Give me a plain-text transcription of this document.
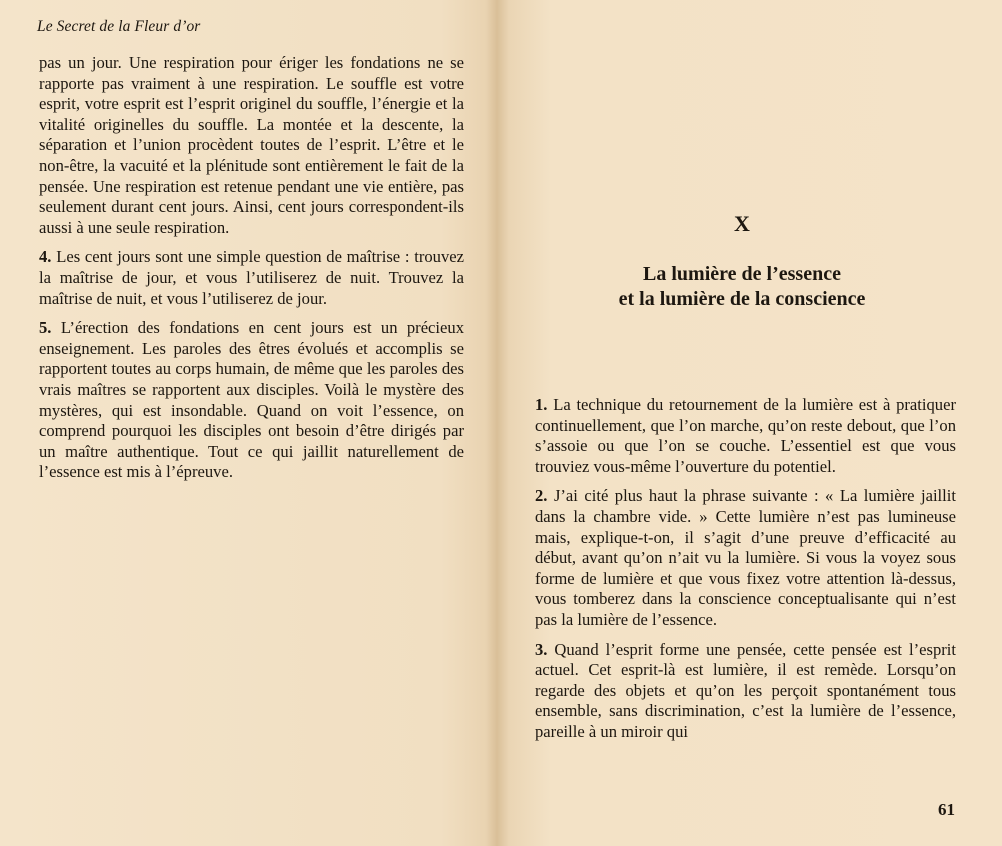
Le Secret de la Fleur d’or

pas un jour. Une respiration pour ériger les fondations ne se rapporte pas vraiment à une respiration. Le souffle est votre esprit, votre esprit est l’esprit originel du souffle, l’énergie et la vitalité originelles du souffle. La montée et la descente, la séparation et l’union procèdent toutes de l’esprit. L’être et le non-être, la vacuité et la plénitude sont entièrement le fait de la pensée. Une respiration est retenue pendant une vie entière, pas seulement durant cent jours. Ainsi, cent jours correspondent-ils aussi à une seule respiration.

4. Les cent jours sont une simple question de maîtrise : trouvez la maîtrise de jour, et vous l’utiliserez de nuit. Trouvez la maîtrise de nuit, et vous l’utiliserez de jour.

5. L’érection des fondations en cent jours est un précieux enseignement. Les paroles des êtres évolués et accomplis se rapportent toutes au corps humain, de même que les paroles des vrais maîtres se rapportent aux disciples. Voilà le mystère des mystères, qui est insondable. Quand on voit l’essence, on comprend pourquoi les disciples ont besoin d’être dirigés par un maître authentique. Tout ce qui jaillit naturellement de l’essence est mis à l’épreuve.

X
La lumière de l’essence
et la lumière de la conscience

1. La technique du retournement de la lumière est à pratiquer continuellement, que l’on marche, qu’on reste debout, que l’on s’assoie ou que l’on se couche. L’essentiel est que vous trouviez vous-même l’ouverture du potentiel.

2. J’ai cité plus haut la phrase suivante : « La lumière jaillit dans la chambre vide. » Cette lumière n’est pas lumineuse mais, explique-t-on, il s’agit d’une preuve d’efficacité au début, avant qu’on n’ait vu la lumière. Si vous la voyez sous forme de lumière et que vous fixez votre attention là-dessus, vous tomberez dans la conscience conceptualisante qui n’est pas la lumière de l’essence.

3. Quand l’esprit forme une pensée, cette pensée est l’esprit actuel. Cet esprit-là est lumière, il est remède. Lorsqu’on regarde des objets et qu’on les perçoit spontanément tous ensemble, sans discrimination, c’est la lumière de l’essence, pareille à un miroir qui

61
